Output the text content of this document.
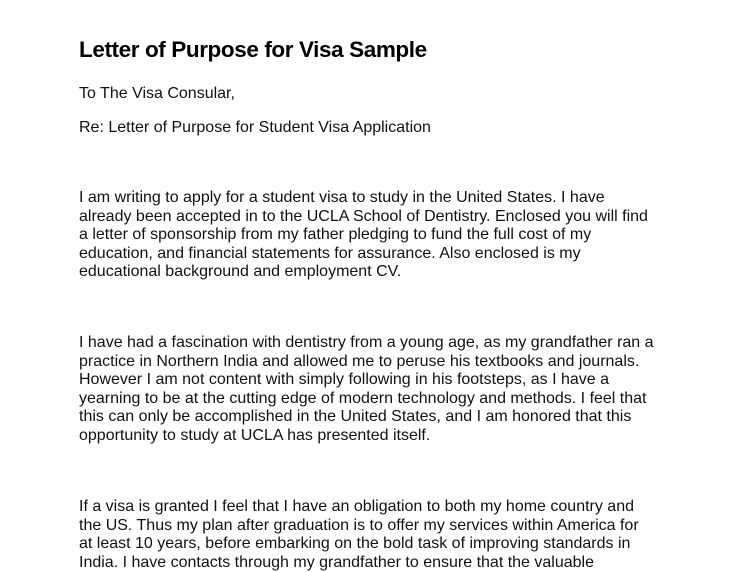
Letter of Purpose for Visa Sample
To The Visa Consular,
Re: Letter of Purpose for Student Visa Application
I am writing to apply for a student visa to study in the United States. I have
already been accepted in to the UCLA School of Dentistry. Enclosed you will find
a letter of sponsorship from my father pledging to fund the full cost of my
education, and financial statements for assurance. Also enclosed is my
educational background and employment CV.
I have had a fascination with dentistry from a young age, as my grandfather ran a
practice in Northern India and allowed me to peruse his textbooks and journals.
However I am not content with simply following in his footsteps, as I have a
yearning to be at the cutting edge of modern technology and methods. I feel that
this can only be accomplished in the United States, and I am honored that this
opportunity to study at UCLA has presented itself.
If a visa is granted I feel that I have an obligation to both my home country and
the US. Thus my plan after graduation is to offer my services within America for
at least 10 years, before embarking on the bold task of improving standards in
India. I have contacts through my grandfather to ensure that the valuable
